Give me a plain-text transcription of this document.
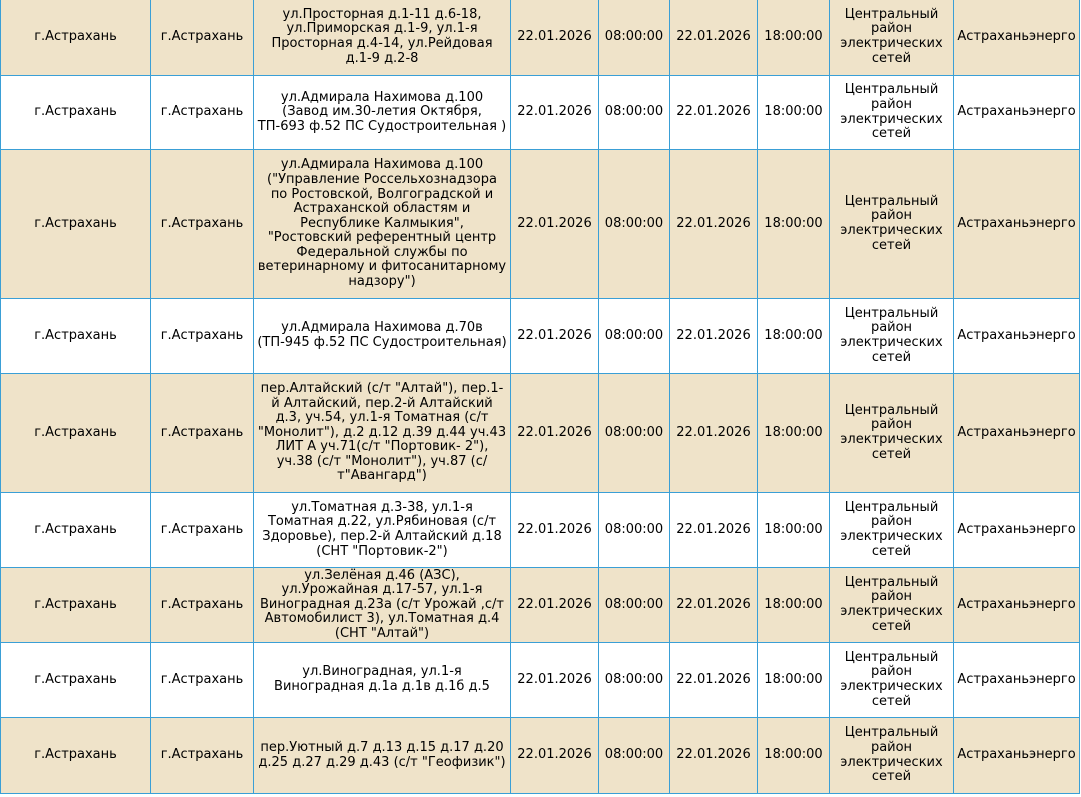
г.Астрахань	г.Астрахань	ул.Просторная д.1-11 д.6-18, ул.Приморская д.1-9, ул.1-я Просторная д.4-14, ул.Рейдовая д.1-9 д.2-8	22.01.2026	08:00:00	22.01.2026	18:00:00	Центральный район электрических сетей	Астраханьэнерго
г.Астрахань	г.Астрахань	ул.Адмирала Нахимова д.100 (Завод им.30-летия Октября, ТП-693 ф.52 ПС Судостроительная )	22.01.2026	08:00:00	22.01.2026	18:00:00	Центральный район электрических сетей	Астраханьэнерго
г.Астрахань	г.Астрахань	ул.Адмирала Нахимова д.100 ("Управление Россельхознадзора по Ростовской, Волгоградской и Астраханской областям и Республике Калмыкия", "Ростовский референтный центр Федеральной службы по ветеринарному и фитосанитарному надзору")	22.01.2026	08:00:00	22.01.2026	18:00:00	Центральный район электрических сетей	Астраханьэнерго
г.Астрахань	г.Астрахань	ул.Адмирала Нахимова д.70в (ТП-945 ф.52 ПС Судостроительная)	22.01.2026	08:00:00	22.01.2026	18:00:00	Центральный район электрических сетей	Астраханьэнерго
г.Астрахань	г.Астрахань	пер.Алтайский (с/т "Алтай"), пер.1-й Алтайский, пер.2-й Алтайский д.3, уч.54, ул.1-я Томатная (с/т "Монолит"), д.2 д.12 д.39 д.44 уч.43 ЛИТ А уч.71(с/т "Портовик- 2"), уч.38 (с/т "Монолит"), уч.87 (с/т"Авангард")	22.01.2026	08:00:00	22.01.2026	18:00:00	Центральный район электрических сетей	Астраханьэнерго
г.Астрахань	г.Астрахань	ул.Томатная д.3-38, ул.1-я Томатная д.22, ул.Рябиновая (с/т Здоровье), пер.2-й Алтайский д.18 (СНТ "Портовик-2")	22.01.2026	08:00:00	22.01.2026	18:00:00	Центральный район электрических сетей	Астраханьэнерго
г.Астрахань	г.Астрахань	ул.Зелёная д.46 (АЗС), ул.Урожайная д.17-57, ул.1-я Виноградная д.23а (с/т Урожай ,с/т Автомобилист 3), ул.Томатная д.4 (СНТ "Алтай")	22.01.2026	08:00:00	22.01.2026	18:00:00	Центральный район электрических сетей	Астраханьэнерго
г.Астрахань	г.Астрахань	ул.Виноградная, ул.1-я Виноградная д.1а д.1в д.1б д.5	22.01.2026	08:00:00	22.01.2026	18:00:00	Центральный район электрических сетей	Астраханьэнерго
г.Астрахань	г.Астрахань	пер.Уютный д.7 д.13 д.15 д.17 д.20 д.25 д.27 д.29 д.43 (с/т "Геофизик")	22.01.2026	08:00:00	22.01.2026	18:00:00	Центральный район электрических сетей	Астраханьэнерго
